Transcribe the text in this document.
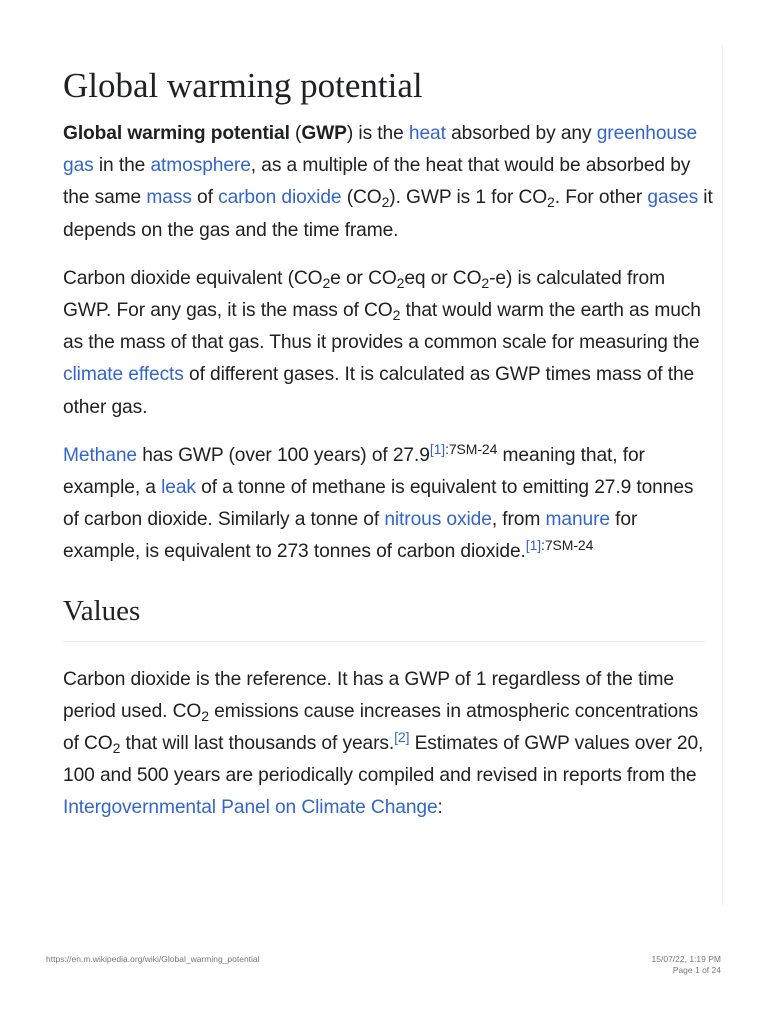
Global warming potential

Global warming potential (GWP) is the heat absorbed by any greenhouse gas in the atmosphere, as a multiple of the heat that would be absorbed by the same mass of carbon dioxide $(CO_2)$. GWP is 1 for $CO_2$. For other gases it depends on the gas and the time frame.

Carbon dioxide equivalent ($CO_2e$ or $CO_2eq$ or $CO_2-e$) is calculated from GWP. For any gas, it is the mass of $CO_2$ that would warm the earth as much as the mass of that gas. Thus it provides a common scale for measuring the climate effects of different gases. It is calculated as GWP times mass of the other gas.

Methane has GWP (over 100 years) of 27.9$^{[1]:7SM-24}$ meaning that, for example, a leak of a tonne of methane is equivalent to emitting 27.9 tonnes of carbon dioxide. Similarly a tonne of nitrous oxide, from manure for example, is equivalent to 273 tonnes of carbon dioxide.$^{[1]:7SM-24}$

Values

Carbon dioxide is the reference. It has a GWP of 1 regardless of the time period used. $CO_2$ emissions cause increases in atmospheric concentrations of $CO_2$ that will last thousands of years.[2] Estimates of GWP values over 20, 100 and 500 years are periodically compiled and revised in reports from the Intergovernmental Panel on Climate Change:

https://en.m.wikipedia.org/wiki/Global_warming_potential	15/07/22, 1:19 PM
Page 1 of 24
